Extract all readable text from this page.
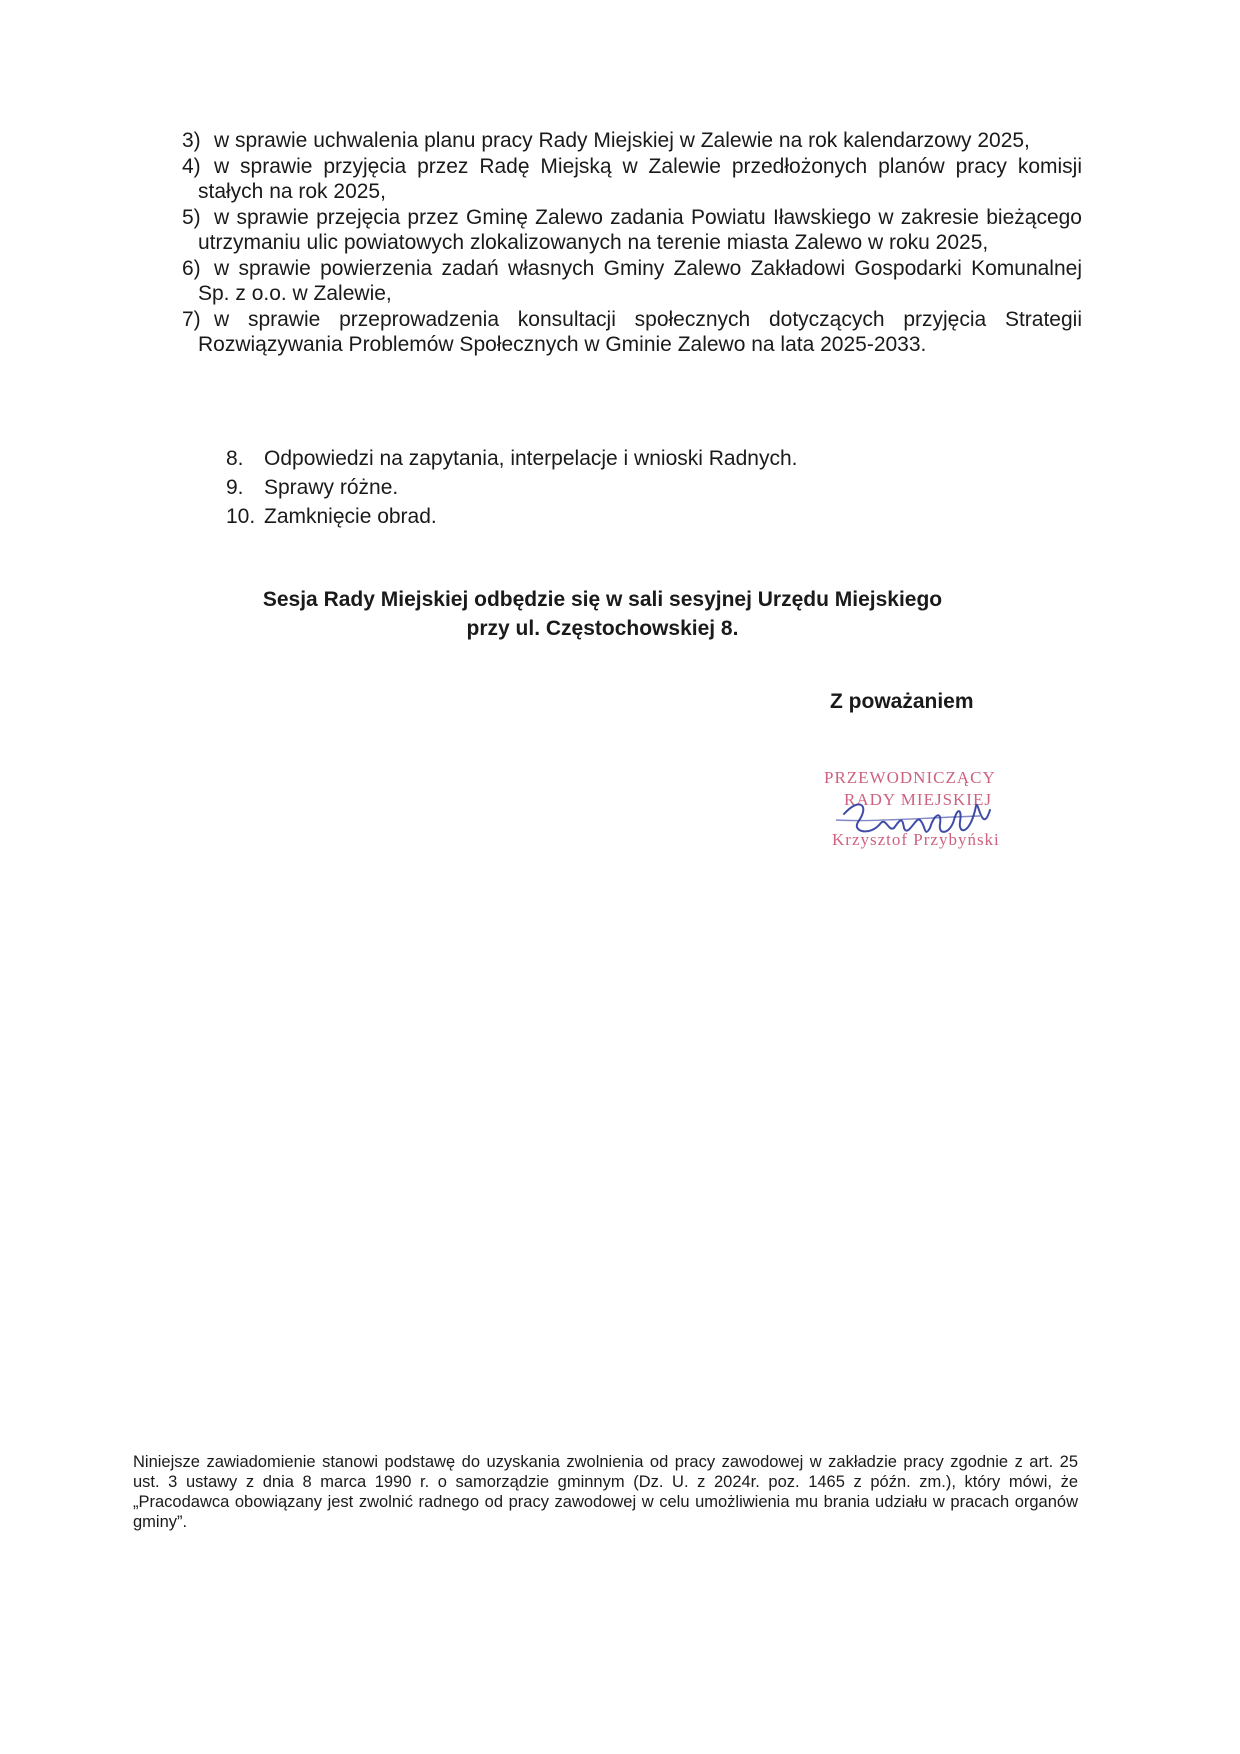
3) w sprawie uchwalenia planu pracy Rady Miejskiej w Zalewie na rok kalendarzowy 2025,
4) w sprawie przyjęcia przez Radę Miejską w Zalewie przedłożonych planów pracy komisji stałych na rok 2025,
5) w sprawie przejęcia przez Gminę Zalewo zadania Powiatu Iławskiego w zakresie bieżącego utrzymaniu ulic powiatowych zlokalizowanych na terenie miasta Zalewo w roku 2025,
6) w sprawie powierzenia zadań własnych Gminy Zalewo Zakładowi Gospodarki Komunalnej Sp. z o.o. w Zalewie,
7) w sprawie przeprowadzenia konsultacji społecznych dotyczących przyjęcia Strategii Rozwiązywania Problemów Społecznych w Gminie Zalewo na lata 2025-2033.
8. Odpowiedzi na zapytania, interpelacje i wnioski Radnych.
9. Sprawy różne.
10. Zamknięcie obrad.
Sesja Rady Miejskiej odbędzie się w sali sesyjnej Urzędu Miejskiego
przy ul. Częstochowskiej 8.
Z poważaniem
PRZEWODNICZĄCY
RADY MIEJSKIEJ
Krzysztof Przybyński
Niniejsze zawiadomienie stanowi podstawę do uzyskania zwolnienia od pracy zawodowej w zakładzie pracy zgodnie z art. 25 ust. 3 ustawy z dnia 8 marca 1990 r. o samorządzie gminnym (Dz. U. z 2024r. poz. 1465 z późn. zm.), który mówi, że „Pracodawca obowiązany jest zwolnić radnego od pracy zawodowej w celu umożliwienia mu brania udziału w pracach organów gminy”.
